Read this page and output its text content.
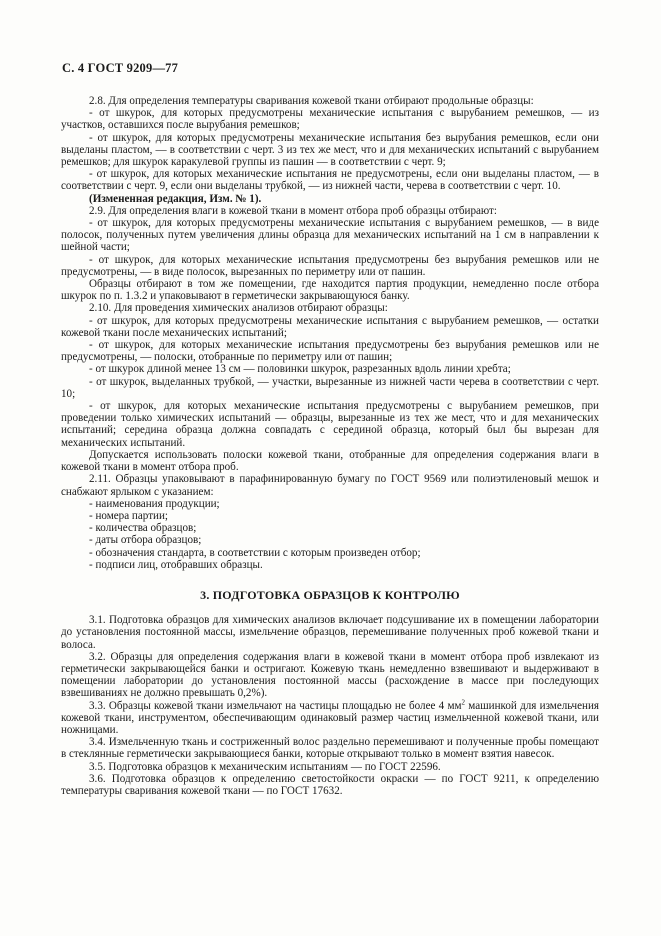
С. 4 ГОСТ 9209—77

2.8. Для определения температуры сваривания кожевой ткани отбирают продольные образцы:

- от шкурок, для которых предусмотрены механические испытания с вырубанием ремешков, — из участков, оставшихся после вырубания ремешков;

- от шкурок, для которых предусмотрены механические испытания без вырубания ремешков, если они выделаны пластом, — в соответствии с черт. 3 из тех же мест, что и для механических испытаний с вырубанием ремешков; для шкурок каракулевой группы из пашин — в соответствии с черт. 9;

- от шкурок, для которых механические испытания не предусмотрены, если они выделаны пластом, — в соответствии с черт. 9, если они выделаны трубкой, — из нижней части, черева в соответствии с черт. 10.

(Измененная редакция, Изм. № 1).

2.9. Для определения влаги в кожевой ткани в момент отбора проб образцы отбирают:

- от шкурок, для которых предусмотрены механические испытания с вырубанием ремешков, — в виде полосок, полученных путем увеличения длины образца для механических испытаний на 1 см в направлении к шейной части;

- от шкурок, для которых механические испытания предусмотрены без вырубания ремешков или не предусмотрены, — в виде полосок, вырезанных по периметру или от пашин.

Образцы отбирают в том же помещении, где находится партия продукции, немедленно после отбора шкурок по п. 1.3.2 и упаковывают в герметически закрывающуюся банку.

2.10. Для проведения химических анализов отбирают образцы:

- от шкурок, для которых предусмотрены механические испытания с вырубанием ремешков, — остатки кожевой ткани после механических испытаний;

- от шкурок, для которых механические испытания предусмотрены без вырубания ремешков или не предусмотрены, — полоски, отобранные по периметру или от пашин;

- от шкурок длиной менее 13 см — половинки шкурок, разрезанных вдоль линии хребта;

- от шкурок, выделанных трубкой, — участки, вырезанные из нижней части черева в соответствии с черт. 10;

- от шкурок, для которых механические испытания предусмотрены с вырубанием ремешков, при проведении только химических испытаний — образцы, вырезанные из тех же мест, что и для механических испытаний; середина образца должна совпадать с серединой образца, который был бы вырезан для механических испытаний.

Допускается использовать полоски кожевой ткани, отобранные для определения содержания влаги в кожевой ткани в момент отбора проб.

2.11. Образцы упаковывают в парафинированную бумагу по ГОСТ 9569 или полиэтиленовый мешок и снабжают ярлыком с указанием:

- наименования продукции;

- номера партии;

- количества образцов;

- даты отбора образцов;

- обозначения стандарта, в соответствии с которым произведен отбор;

- подписи лиц, отобравших образцы.

3. ПОДГОТОВКА ОБРАЗЦОВ К КОНТРОЛЮ

3.1. Подготовка образцов для химических анализов включает подсушивание их в помещении лаборатории до установления постоянной массы, измельчение образцов, перемешивание полученных проб кожевой ткани и волоса.

3.2. Образцы для определения содержания влаги в кожевой ткани в момент отбора проб извлекают из герметически закрывающейся банки и остригают. Кожевую ткань немедленно взвешивают и выдерживают в помещении лаборатории до установления постоянной массы (расхождение в массе при последующих взвешиваниях не должно превышать 0,2%).

3.3. Образцы кожевой ткани измельчают на частицы площадью не более 4 $мм^2$ машинкой для измельчения кожевой ткани, инструментом, обеспечивающим одинаковый размер частиц измельченной кожевой ткани, или ножницами.

3.4. Измельченную ткань и состриженный волос раздельно перемешивают и полученные пробы помещают в стеклянные герметически закрывающиеся банки, которые открывают только в момент взятия навесок.

3.5. Подготовка образцов к механическим испытаниям — по ГОСТ 22596.

3.6. Подготовка образцов к определению светостойкости окраски — по ГОСТ 9211, к определению температуры сваривания кожевой ткани — по ГОСТ 17632.
